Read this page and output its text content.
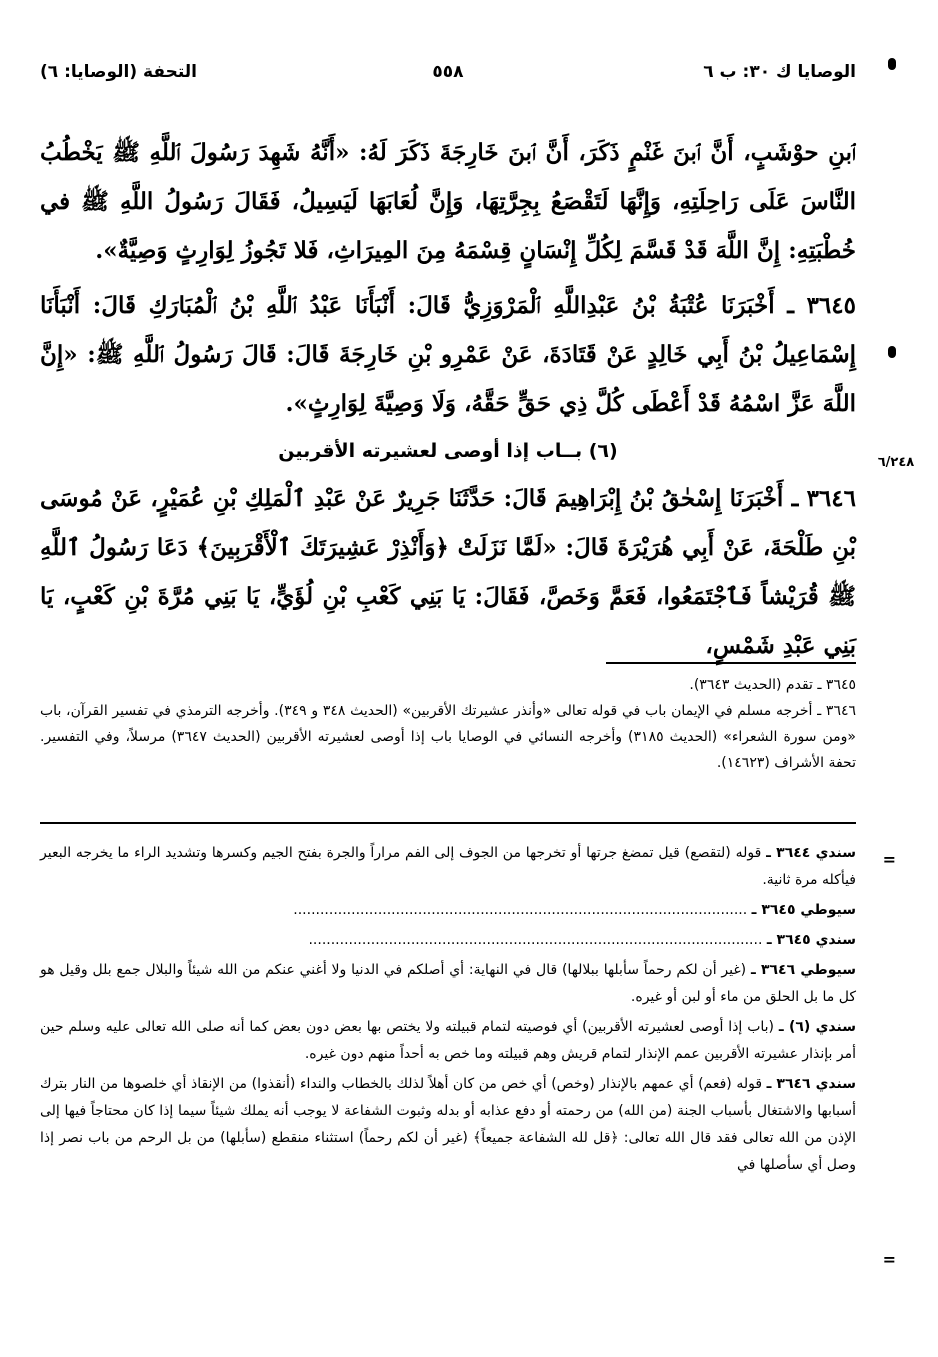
الوصايا ك ٣٠: ب ٦
٥٥٨
التحفة (الوصايا: ٦)
٦/٢٤٨

ٱبنِ حوْشَبٍ، أَنَّ ٱبنَ غَنْمٍ ذَكَرَ، أَنَّ ٱبنَ خَارِجَةَ ذَكَرَ لَهُ: «أَنَّهُ شَهِدَ رَسُولَ ٱللَّهِ ﷺ يَخْطُبُ النَّاسَ عَلَى رَاحِلَتِهِ، وَإِنَّهَا لَتَقْصَعُ بِجِرَّتِهَا، وَإِنَّ لُعَابَهَا لَيَسِيلُ، فَقَالَ رَسُولُ اللَّهِ ﷺ في خُطْبَتِهِ: إِنَّ اللَّهَ قَدْ قَسَّمَ لِكُلِّ إِنْسَانٍ قِسْمَهُ مِنَ المِيرَاثِ، فَلا تَجُوزُ لِوَارِثٍ وَصِيَّةٌ».

٣٦٤٥ ـ أَخْبَرَنَا عُتْبَةُ بْنُ عَبْدِاللَّهِ ٱلْمَرْوَزِيُّ قَالَ: أَنْبَأَنَا عَبْدُ ٱللَّهِ بْنُ ٱلْمُبَارَكِ قَالَ: أَنْبَأَنَا إِسْمَاعِيلُ بْنُ أَبِي خَالِدٍ عَنْ قَتَادَةَ، عَنْ عَمْرِو بْنِ خَارِجَةَ قَالَ: قَالَ رَسُولُ ٱللَّهِ ﷺ: «إِنَّ اللَّهَ عَزَّ اسْمُهُ قَدْ أَعْطَى كُلَّ ذِي حَقٍّ حَقَّهُ، وَلَا وَصِيَّةَ لِوَارِثٍ».

(٦) بــاب إذا أوصى لعشيرته الأقربين

٣٦٤٦ ـ أَخْبَرَنَا إِسْحٰقُ بْنُ إِبْرَاهِيمَ قَالَ: حَدَّثَنَا جَرِيرٌ عَنْ عَبْدِ ٱلْمَلِكِ بْنِ عُمَيْرٍ، عَنْ مُوسَى بْنِ طَلْحَةَ، عَنْ أَبِي هُرَيْرَةَ قَالَ: «لَمَّا نَزَلَتْ ﴿وَأَنْذِرْ عَشِيرَتَكَ ٱلْأَقْرَبِينَ﴾ دَعَا رَسُولُ ٱللَّهِ ﷺ قُرَيْشاً فَٱجْتَمَعُوا، فَعَمَّ وَخَصَّ، فَقَالَ: يَا بَنِي كَعْبِ بْنِ لُؤَيٍّ، يَا بَنِي مُرَّةَ بْنِ كَعْبٍ، يَا بَنِي عَبْدِ شَمْسٍ،

٣٦٤٥ ـ تقدم (الحديث ٣٦٤٣).

٣٦٤٦ ـ أخرجه مسلم في الإيمان باب في قوله تعالى «وأنذر عشيرتك الأقربين» (الحديث ٣٤٨ و ٣٤٩). وأخرجه الترمذي في تفسير القرآن، باب «ومن سورة الشعراء» (الحديث ٣١٨٥) وأخرجه النسائي في الوصايا باب إذا أوصى لعشيرته الأقربين (الحديث ٣٦٤٧) مرسلاً، وفي التفسير. تحفة الأشراف (١٤٦٢٣).

=
=

سندي ٣٦٤٤ ـ قوله (لتقصع) قيل تمضغ جرتها أو تخرجها من الجوف إلى الفم مراراً والجرة بفتح الجيم وكسرها وتشديد الراء ما يخرجه البعير فيأكله مرة ثانية.

سيوطي ٣٦٤٥ ـ ......................................................................................................

سندي ٣٦٤٥ ـ ......................................................................................................

سيوطي ٣٦٤٦ ـ (غير أن لكم رحماً سأبلها ببلالها) قال في النهاية: أي أصلكم في الدنيا ولا أغني عنكم من الله شيئاً والبلال جمع بلل وقيل هو كل ما بل الحلق من ماء أو لبن أو غيره.

سندي (٦) ـ (باب إذا أوصى لعشيرته الأقربين) أي فوصيته لتمام قبيلته ولا يختص بها بعض دون بعض كما أنه صلى الله تعالى عليه وسلم حين أمر بإنذار عشيرته الأقربين عمم الإنذار لتمام قريش وهم قبيلته وما خص به أحداً منهم دون غيره.

سندي ٣٦٤٦ ـ قوله (فعم) أي عمهم بالإنذار (وخص) أي خص من كان أهلاً لذلك بالخطاب والنداء (أنقذوا) من الإنقاذ أي خلصوها من النار بترك أسبابها والاشتغال بأسباب الجنة (من الله) من رحمته أو دفع عذابه أو بدله وثبوت الشفاعة لا يوجب أنه يملك شيئاً سيما إذا كان محتاجاً فيها إلى الإذن من الله تعالى فقد قال الله تعالى: ﴿قل لله الشفاعة جميعاً﴾ (غير أن لكم رحماً) استثناء منقطع (سأبلها) من بل الرحم من باب نصر إذا وصل أي سأصلها في
